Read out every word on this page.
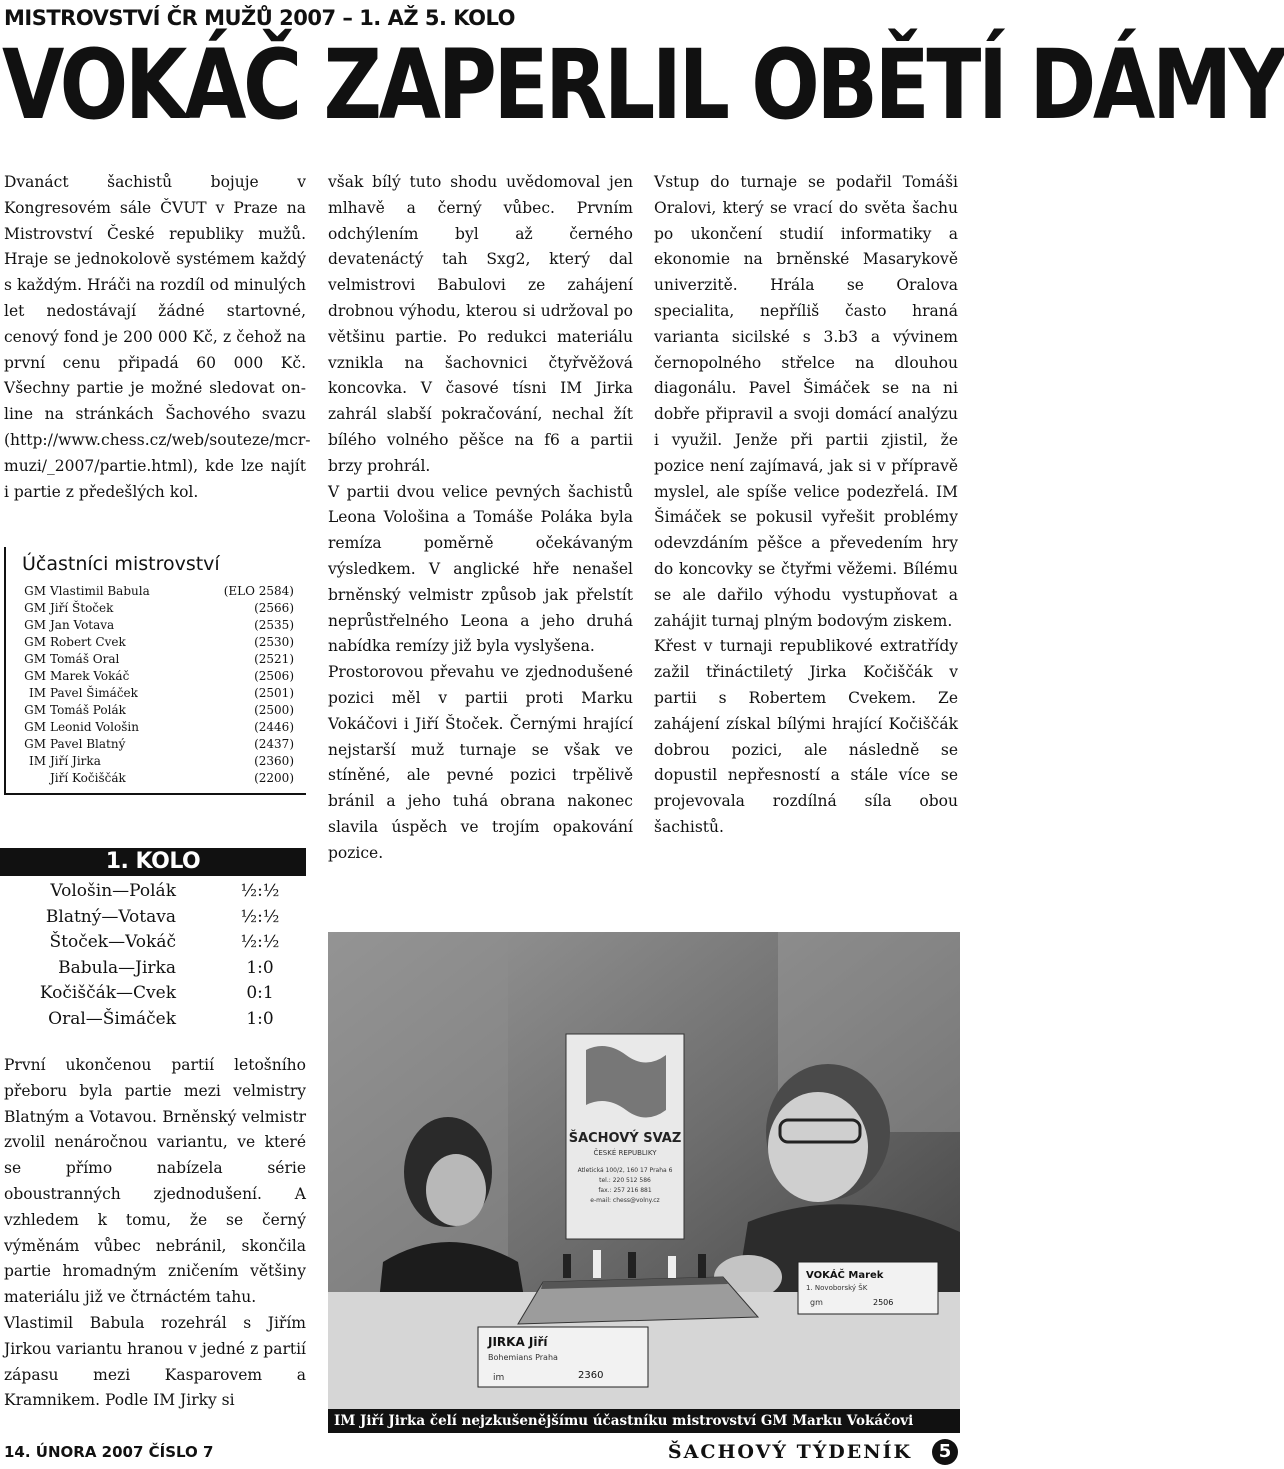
MISTROVSTVÍ ČR MUŽŮ 2007 – 1. AŽ 5. KOLO
VOKÁČ ZAPERLIL OBĚTÍ DÁMY

Dvanáct šachistů bojuje v Kongresovém sále ČVUT v Praze na Mistrovství České republiky mužů. Hraje se jednokolově systémem každý s každým. Hráči na rozdíl od minulých let nedostávají žádné startovné, cenový fond je 200 000 Kč, z čehož na první cenu připadá 60 000 Kč. Všechny partie je možné sledovat on-line na stránkách Šachového svazu (http://www.chess.cz/web/souteze/mcr-muzi/_2007/partie.html), kde lze najít i partie z předešlých kol.

Účastníci mistrovství
GM Vlastimil Babula	(ELO 2584)
GM Jiří Štoček	(2566)
GM Jan Votava	(2535)
GM Robert Cvek	(2530)
GM Tomáš Oral	(2521)
GM Marek Vokáč	(2506)
IM Pavel Šimáček	(2501)
GM Tomáš Polák	(2500)
GM Leonid Vološin	(2446)
GM Pavel Blatný	(2437)
IM Jiří Jirka	(2360)
Jiří Kočiščák	(2200)
1. KOLO
Vološin—Polák	½:½
Blatný—Votava	½:½
Štoček—Vokáč	½:½
Babula—Jirka	1:0
Kočiščák—Cvek	0:1
Oral—Šimáček	1:0

První ukončenou partií letošního přeboru byla partie mezi velmistry Blatným a Votavou. Brněnský velmistr zvolil nenáročnou variantu, ve které se přímo nabízela série oboustranných zjednodušení. A vzhledem k tomu, že se černý výměnám vůbec nebránil, skončila partie hromadným zničením většiny materiálu již ve čtrnáctém tahu.

Vlastimil Babula rozehrál s Jiřím Jirkou variantu hranou v jedné z partií zápasu mezi Kasparovem a Kramnikem. Podle IM Jirky si

však bílý tuto shodu uvědomoval jen mlhavě a černý vůbec. Prvním odchýlením byl až černého devatenáctý tah Sxg2, který dal velmistrovi Babulovi ze zahájení drobnou výhodu, kterou si udržoval po většinu partie. Po redukci materiálu vznikla na šachovnici čtyřvěžová koncovka. V časové tísni IM Jirka zahrál slabší pokračování, nechal žít bílého volného pěšce na f6 a partii brzy prohrál.

V partii dvou velice pevných šachistů Leona Vološina a Tomáše Poláka byla remíza poměrně očekávaným výsledkem. V anglické hře nenašel brněnský velmistr způsob jak přelstít neprůstřelného Leona a jeho druhá nabídka remízy již byla vyslyšena.

Prostorovou převahu ve zjednodušené pozici měl v partii proti Marku Vokáčovi i Jiří Štoček. Černými hrající nejstarší muž turnaje se však ve stíněné, ale pevné pozici trpělivě bránil a jeho tuhá obrana nakonec slavila úspěch ve trojím opakování pozice.

Vstup do turnaje se podařil Tomáši Oralovi, který se vrací do světa šachu po ukončení studií informatiky a ekonomie na brněnské Masarykově univerzitě. Hrála se Oralova specialita, nepříliš často hraná varianta sicilské s 3.b3 a vývinem černopolného střelce na dlouhou diagonálu. Pavel Šimáček se na ni dobře připravil a svoji domácí analýzu i využil. Jenže při partii zjistil, že pozice není zajímavá, jak si v přípravě myslel, ale spíše velice podezřelá. IM Šimáček se pokusil vyřešit problémy odevzdáním pěšce a převedením hry do koncovky se čtyřmi věžemi. Bílému se ale dařilo výhodu vystupňovat a zahájit turnaj plným bodovým ziskem.

Křest v turnaji republikové extratřídy zažil třináctiletý Jirka Kočiščák v partii s Robertem Cvekem. Ze zahájení získal bílými hrající Kočiščák dobrou pozici, ale následně se dopustil nepřesností a stále více se projevovala rozdílná síla obou šachistů.

ŠACHOVÝ SVAZ
ČESKÉ REPUBLIKY
Atletická 100/2, 160 17 Praha 6
tel.: 220 512 586
fax.: 257 216 881
e-mail: chess@volny.cz
JIRKA Jiří
Bohemians Praha
im	2360
VOKÁČ Marek
1. Novoborský ŠK
gm	2506
IM Jiří Jirka čelí nejzkušenějšímu účastníku mistrovství GM Marku Vokáčovi
14. ÚNORA 2007 ČÍSLO 7	ŠACHOVÝ TÝDENÍK	5
